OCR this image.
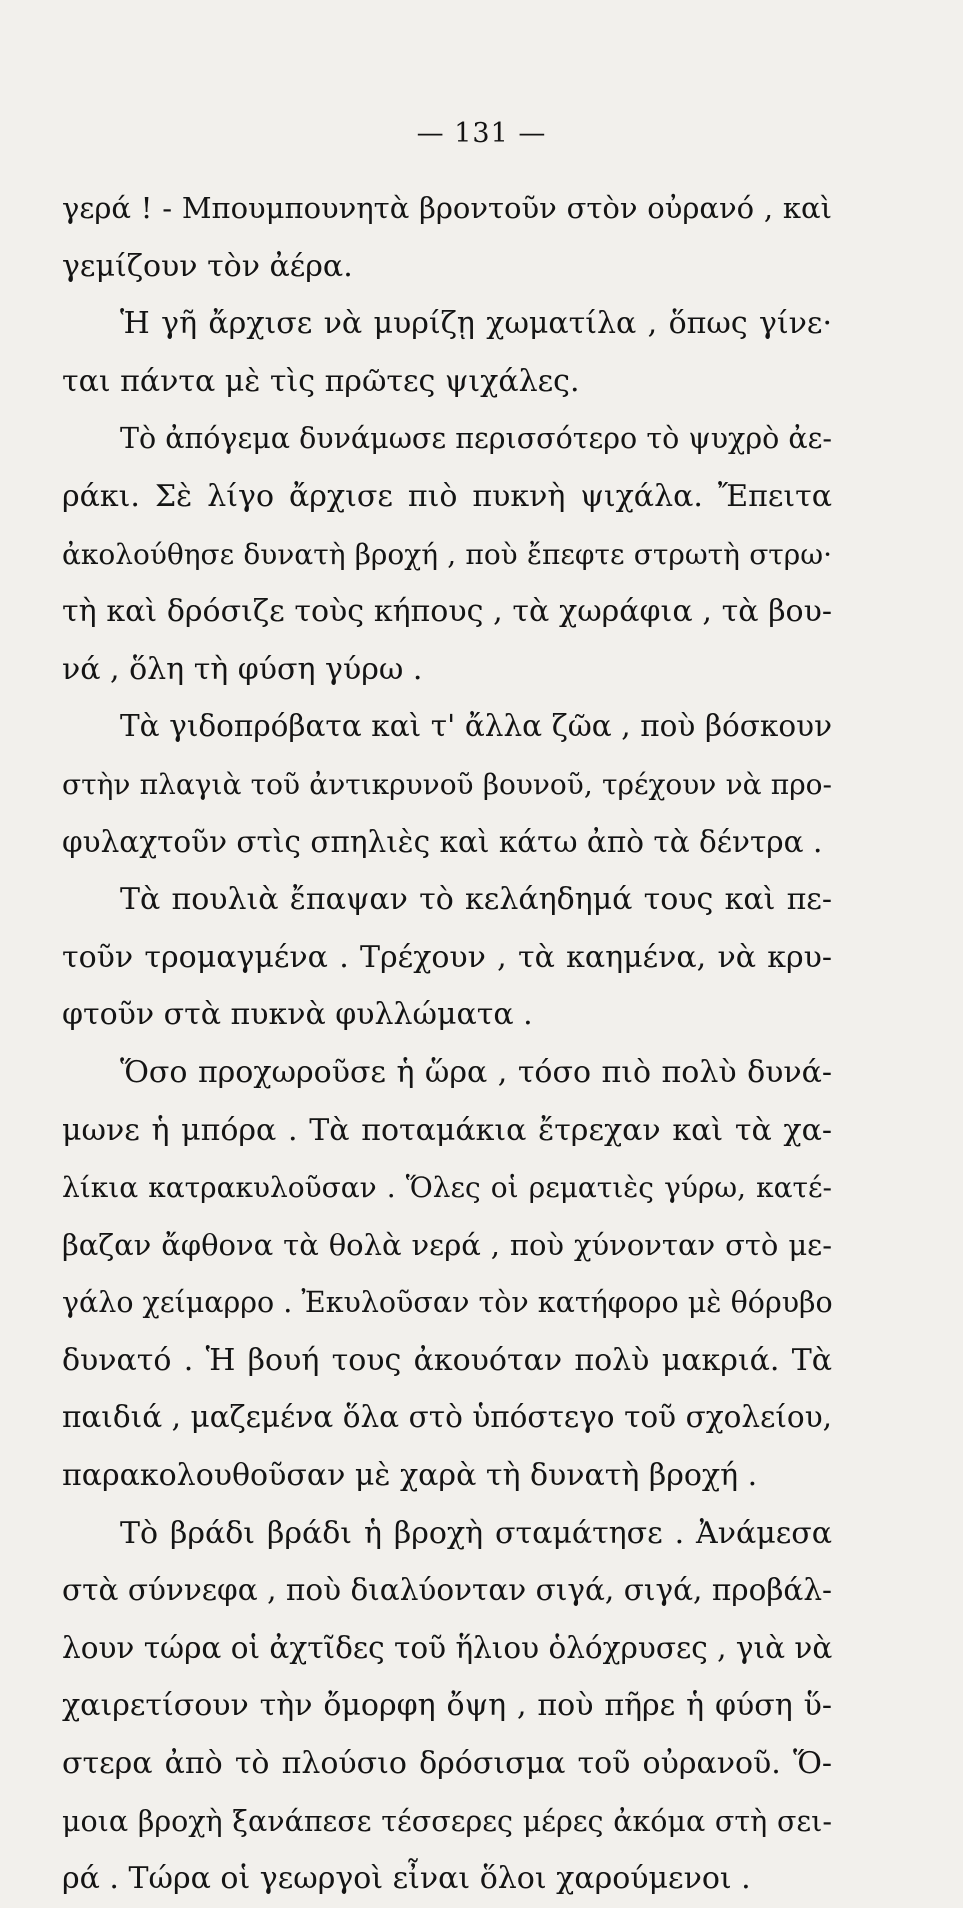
— 131 —
γερά ! - Μπουμπουνητὰ βροντοῦν στὸν οὐρανό , καὶ
γεμίζουν τὸν ἀέρα.
Ἡ γῆ ἄρχισε νὰ μυρίζῃ χωματίλα , ὅπως γίνε·
ται πάντα μὲ τὶς πρῶτες ψιχάλες.
Τὸ ἀπόγεμα δυνάμωσε περισσότερο τὸ ψυχρὸ ἀε-
ράκι. Σὲ λίγο ἄρχισε πιὸ πυκνὴ ψιχάλα. Ἔπειτα
ἀκολούθησε δυνατὴ βροχή , ποὺ ἔπεφτε στρωτὴ στρω·
τὴ καὶ δρόσιζε τοὺς κήπους , τὰ χωράφια , τὰ βου-
νά , ὅλη τὴ φύση γύρω .
Τὰ γιδοπρόβατα καὶ τ' ἄλλα ζῶα , ποὺ βόσκουν
στὴν πλαγιὰ τοῦ ἀντικρυνοῦ βουνοῦ, τρέχουν νὰ προ-
φυλαχτοῦν στὶς σπηλιὲς καὶ κάτω ἀπὸ τὰ δέντρα .
Τὰ πουλιὰ ἔπαψαν τὸ κελάηδημά τους καὶ πε-
τοῦν τρομαγμένα . Τρέχουν , τὰ καημένα, νὰ κρυ-
φτοῦν στὰ πυκνὰ φυλλώματα .
Ὅσο προχωροῦσε ἡ ὥρα , τόσο πιὸ πολὺ δυνά-
μωνε ἡ μπόρα . Τὰ ποταμάκια ἔτρεχαν καὶ τὰ χα-
λίκια κατρακυλοῦσαν . Ὅλες οἱ ρεματιὲς γύρω, κατέ-
βαζαν ἄφθονα τὰ θολὰ νερά , ποὺ χύνονταν στὸ με-
γάλο χείμαρρο . Ἐκυλοῦσαν τὸν κατήφορο μὲ θόρυβο
δυνατό . Ἡ βουή τους ἀκουόταν πολὺ μακριά. Τὰ
παιδιά , μαζεμένα ὅλα στὸ ὑπόστεγο τοῦ σχολείου,
παρακολουθοῦσαν μὲ χαρὰ τὴ δυνατὴ βροχή .
Τὸ βράδι βράδι ἡ βροχὴ σταμάτησε . Ἀνάμεσα
στὰ σύννεφα , ποὺ διαλύονταν σιγά, σιγά, προβάλ-
λουν τώρα οἱ ἀχτῖδες τοῦ ἥλιου ὁλόχρυσες , γιὰ νὰ
χαιρετίσουν τὴν ὄμορφη ὄψη , ποὺ πῆρε ἡ φύση ὕ-
στερα ἀπὸ τὸ πλούσιο δρόσισμα τοῦ οὐρανοῦ. Ὅ-
μοια βροχὴ ξανάπεσε τέσσερες μέρες ἀκόμα στὴ σει-
ρά . Τώρα οἱ γεωργοὶ εἶναι ὅλοι χαρούμενοι .
